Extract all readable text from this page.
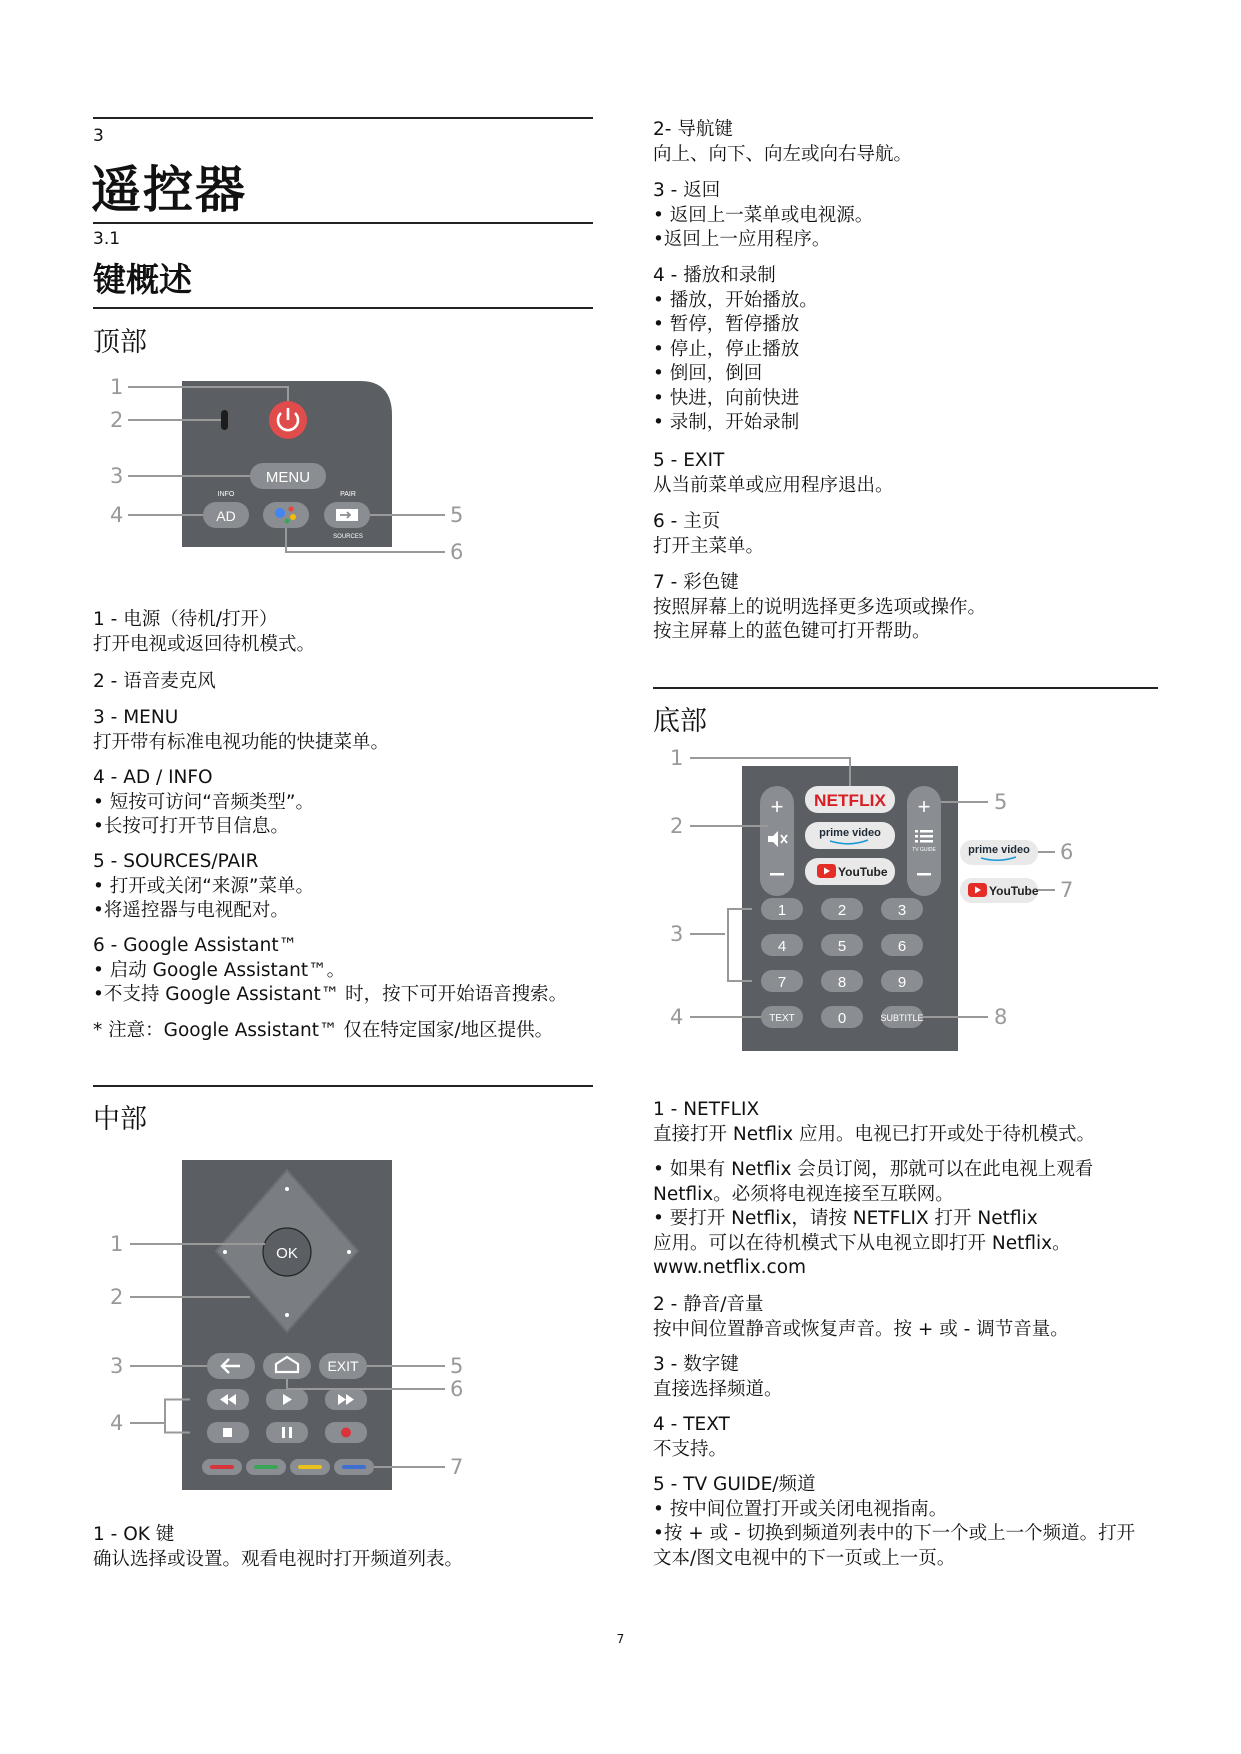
3
遥控器
3.1
键概述
顶部
MENU
INFO
AD
PAIR
SOURCES
1
2
3
4	5
6
1 - 电源（待机/打开）
打开电视或返回待机模式。
2 - 语音麦克风
3 - MENU
打开带有标准电视功能的快捷菜单。
4 - AD / INFO
• 短按可访问“音频类型”。
•长按可打开节目信息。
5 - SOURCES/PAIR
• 打开或关闭“来源”菜单。
•将遥控器与电视配对。
6 - Google Assistant™
• 启动 Google Assistant™。
•不支持 Google Assistant™ 时，按下可开始语音搜索。
* 注意：Google Assistant™ 仅在特定国家/地区提供。
中部
OK
EXIT
1
2
3
4
5
6
7
1 - OK 键
确认选择或设置。观看电视时打开频道列表。
2- 导航键
向上、向下、向左或向右导航。
3 - 返回
• 返回上一菜单或电视源。
•返回上一应用程序。
4 - 播放和录制
• 播放，开始播放。
• 暂停，暂停播放
• 停止，停止播放
• 倒回，倒回
• 快进，向前快进
• 录制，开始录制
5 - EXIT
从当前菜单或应用程序退出。
6 - 主页
打开主菜单。
7 - 彩色键
按照屏幕上的说明选择更多选项或操作。
按主屏幕上的蓝色键可打开帮助。
底部
+	+
TV GUIDE
NETFLIX
prime video
YouTube
1	2	3
4	5	6
7	8	9
TEXT	0	SUBTITLE
prime video
YouTube
1
2
3
4
5
6
7
8
1 - NETFLIX
直接打开 Netflix 应用。电视已打开或处于待机模式。
• 如果有 Netflix 会员订阅，那就可以在此电视上观看
Netflix。必须将电视连接至互联网。
• 要打开 Netflix，请按 NETFLIX 打开 Netflix
应用。可以在待机模式下从电视立即打开 Netflix。
www.netflix.com
2 - 静音/音量
按中间位置静音或恢复声音。按 + 或 - 调节音量。
3 - 数字键
直接选择频道。
4 - TEXT
不支持。
5 - TV GUIDE/频道
• 按中间位置打开或关闭电视指南。
•按 + 或 - 切换到频道列表中的下一个或上一个频道。打开
文本/图文电视中的下一页或上一页。
7
